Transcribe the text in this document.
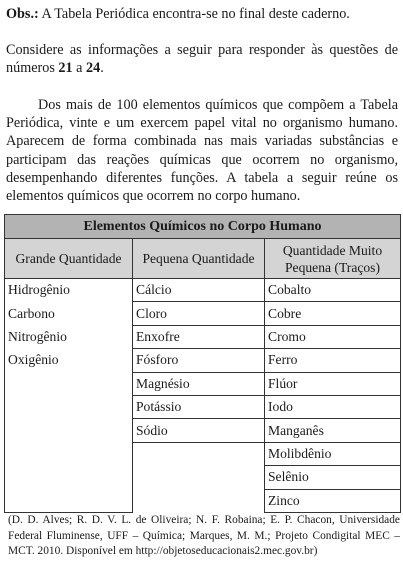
Obs.: A Tabela Periódica encontra-se no final deste caderno.
Considere as informações a seguir para responder às questões de números 21 a 24.
Dos mais de 100 elementos químicos que compõem a Tabela Periódica, vinte e um exercem papel vital no organismo humano. Aparecem de forma combinada nas mais variadas substâncias e participam das reações químicas que ocorrem no organismo, desempenhando diferentes funções. A tabela a seguir reúne os elementos químicos que ocorrem no corpo humano.
Elementos Químicos no Corpo Humano		
Grande Quantidade	Pequena Quantidade	Quantidade Muito Pequena (Traços)
Hidrogênio	Cálcio	Cobalto
Carbono	Cloro	Cobre
Nitrogênio	Enxofre	Cromo
Oxigênio	Fósforo	Ferro
	Magnésio	Flúor
	Potássio	Iodo
	Sódio	Manganês
		Molibdênio
		Selênio
		Zinco
(D. D. Alves; R. D. V. L. de Oliveira; N. F. Robaina; E. P. Chacon, Universidade Federal Fluminense, UFF – Química; Marques, M. M.; Projeto Condigital MEC – MCT. 2010. Disponível em http://objetoseducacionais2.mec.gov.br)
